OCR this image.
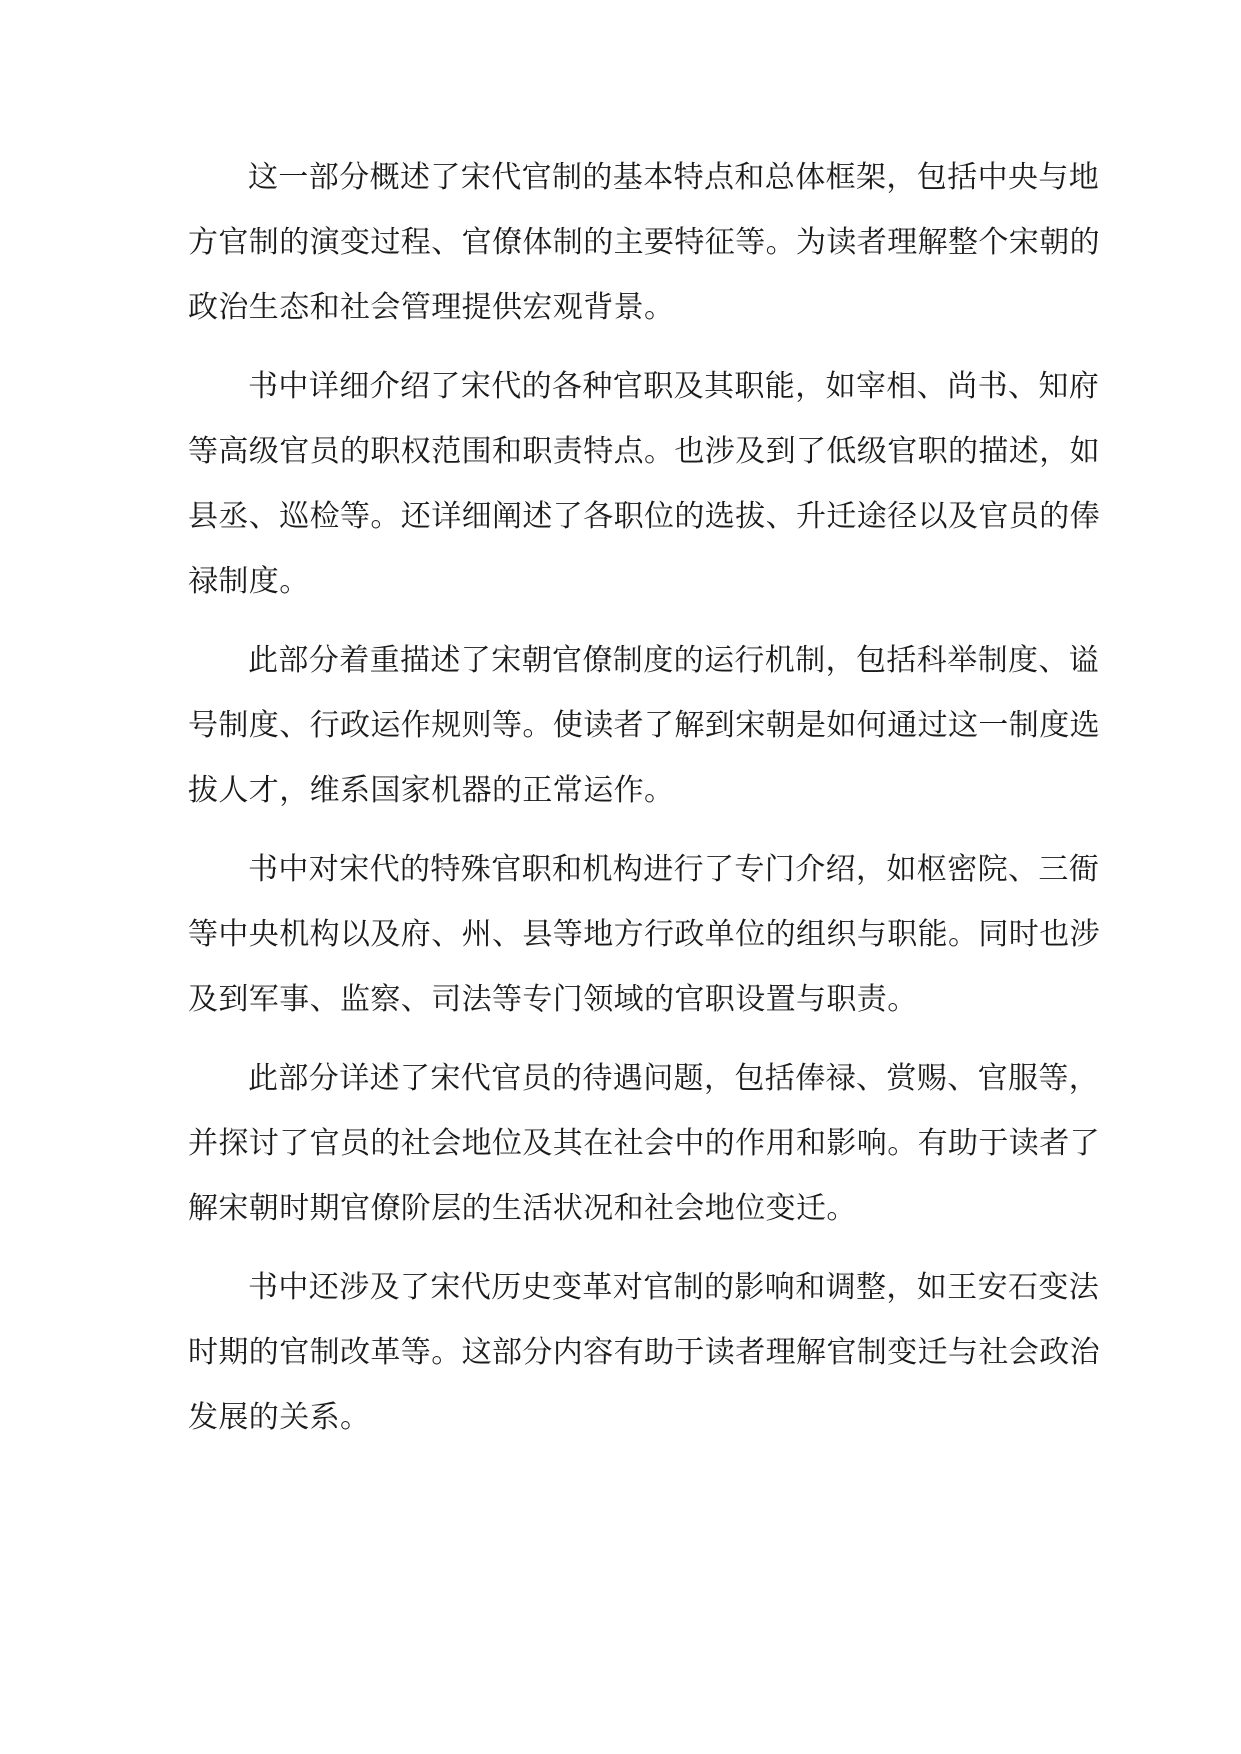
这一部分概述了宋代官制的基本特点和总体框架，包括中央与地
方官制的演变过程、官僚体制的主要特征等。为读者理解整个宋朝的
政治生态和社会管理提供宏观背景。

书中详细介绍了宋代的各种官职及其职能，如宰相、尚书、知府
等高级官员的职权范围和职责特点。也涉及到了低级官职的描述，如
县丞、巡检等。还详细阐述了各职位的选拔、升迁途径以及官员的俸
禄制度。

此部分着重描述了宋朝官僚制度的运行机制，包括科举制度、谥
号制度、行政运作规则等。使读者了解到宋朝是如何通过这一制度选
拔人才，维系国家机器的正常运作。

书中对宋代的特殊官职和机构进行了专门介绍，如枢密院、三衙
等中央机构以及府、州、县等地方行政单位的组织与职能。同时也涉
及到军事、监察、司法等专门领域的官职设置与职责。

此部分详述了宋代官员的待遇问题，包括俸禄、赏赐、官服等，
并探讨了官员的社会地位及其在社会中的作用和影响。有助于读者了
解宋朝时期官僚阶层的生活状况和社会地位变迁。

书中还涉及了宋代历史变革对官制的影响和调整，如王安石变法
时期的官制改革等。这部分内容有助于读者理解官制变迁与社会政治
发展的关系。
